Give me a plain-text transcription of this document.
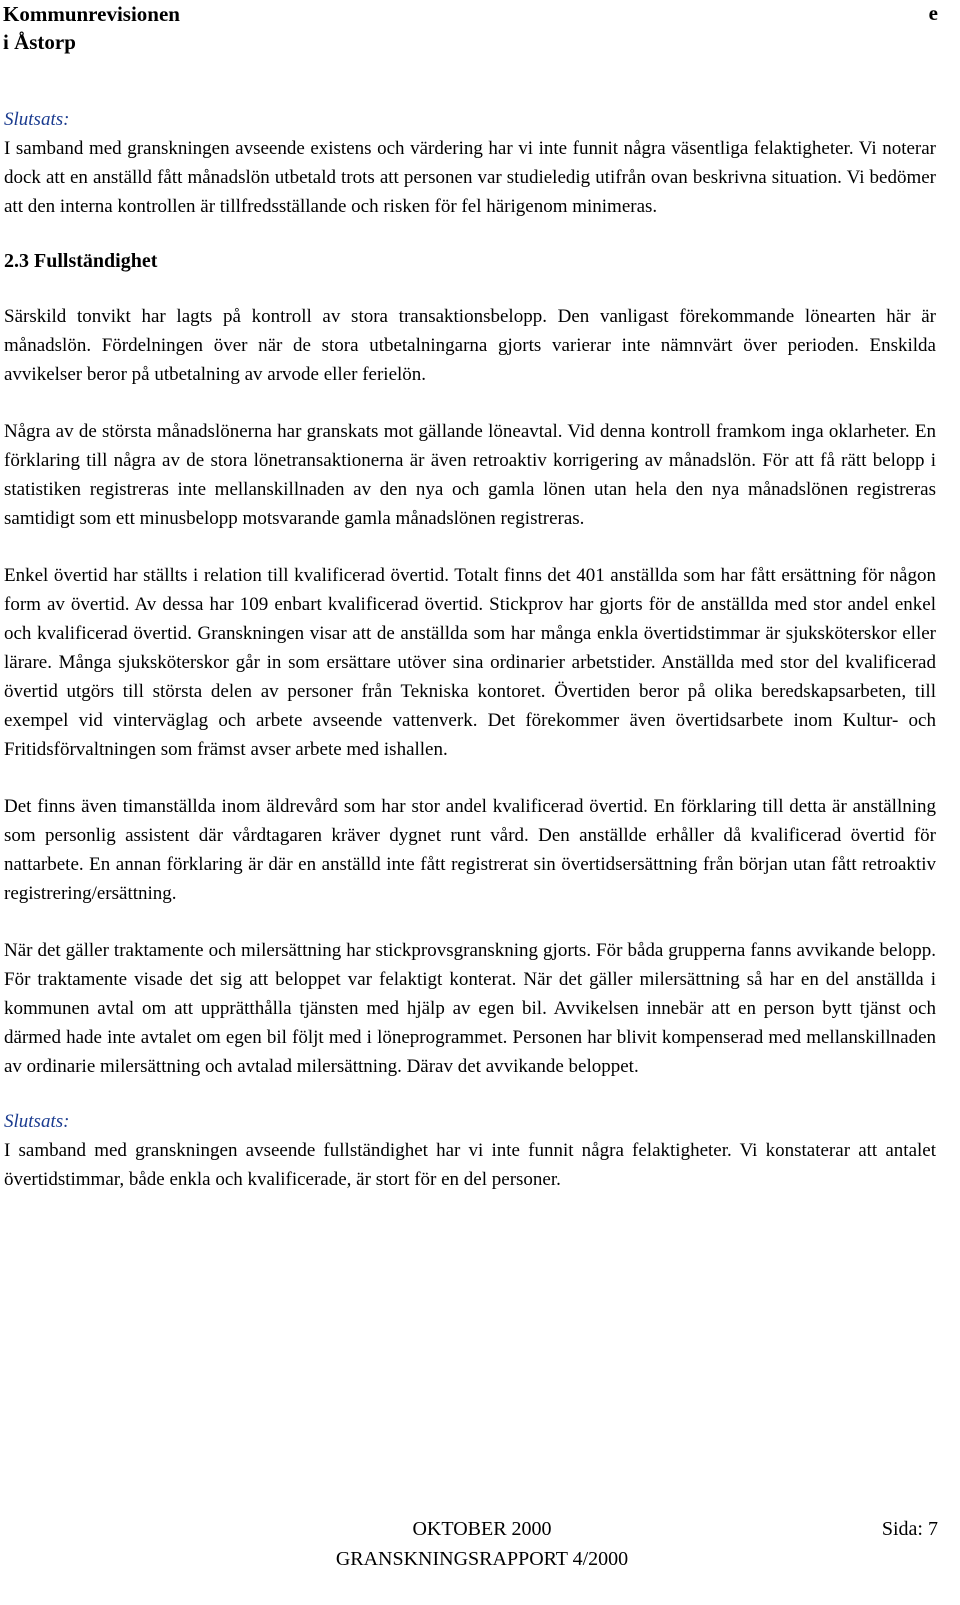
Kommunrevisionen
i Åstorp
e

Slutsats:

I samband med granskningen avseende existens och värdering har vi inte funnit några väsentliga felaktigheter. Vi noterar dock att en anställd fått månadslön utbetald trots att personen var studieledig utifrån ovan beskrivna situation. Vi bedömer att den interna kontrollen är tillfredsställande och risken för fel härigenom minimeras.

2.3 Fullständighet

Särskild tonvikt har lagts på kontroll av stora transaktionsbelopp. Den vanligast förekommande lönearten här är månadslön. Fördelningen över när de stora utbetalningarna gjorts varierar inte nämnvärt över perioden. Enskilda avvikelser beror på utbetalning av arvode eller ferielön.

Några av de största månadslönerna har granskats mot gällande löneavtal. Vid denna kontroll framkom inga oklarheter. En förklaring till några av de stora lönetransaktionerna är även retroaktiv korrigering av månadslön. För att få rätt belopp i statistiken registreras inte mellanskillnaden av den nya och gamla lönen utan hela den nya månadslönen registreras samtidigt som ett minusbelopp motsvarande gamla månadslönen registreras.

Enkel övertid har ställts i relation till kvalificerad övertid. Totalt finns det 401 anställda som har fått ersättning för någon form av övertid. Av dessa har 109 enbart kvalificerad övertid. Stickprov har gjorts för de anställda med stor andel enkel och kvalificerad övertid. Granskningen visar att de anställda som har många enkla övertidstimmar är sjuksköterskor eller lärare. Många sjuksköterskor går in som ersättare utöver sina ordinarier arbetstider. Anställda med stor del kvalificerad övertid utgörs till största delen av personer från Tekniska kontoret. Övertiden beror på olika beredskapsarbeten, till exempel vid vinterväglag och arbete avseende vattenverk. Det förekommer även övertidsarbete inom Kultur- och Fritidsförvaltningen som främst avser arbete med ishallen.

Det finns även timanställda inom äldrevård som har stor andel kvalificerad övertid. En förklaring till detta är anställning som personlig assistent där vårdtagaren kräver dygnet runt vård. Den anställde erhåller då kvalificerad övertid för nattarbete. En annan förklaring är där en anställd inte fått registrerat sin övertidsersättning från början utan fått retroaktiv registrering/ersättning.

När det gäller traktamente och milersättning har stickprovsgranskning gjorts. För båda grupperna fanns avvikande belopp. För traktamente visade det sig att beloppet var felaktigt konterat. När det gäller milersättning så har en del anställda i kommunen avtal om att upprätthålla tjänsten med hjälp av egen bil. Avvikelsen innebär att en person bytt tjänst och därmed hade inte avtalet om egen bil följt med i löneprogrammet. Personen har blivit kompenserad med mellanskillnaden av ordinarie milersättning och avtalad milersättning. Därav det avvikande beloppet.

Slutsats:

I samband med granskningen avseende fullständighet har vi inte funnit några felaktigheter. Vi konstaterar att antalet övertidstimmar, både enkla och kvalificerade, är stort för en del personer.

OKTOBER 2000
GRANSKNINGSRAPPORT 4/2000
Sida: 7
